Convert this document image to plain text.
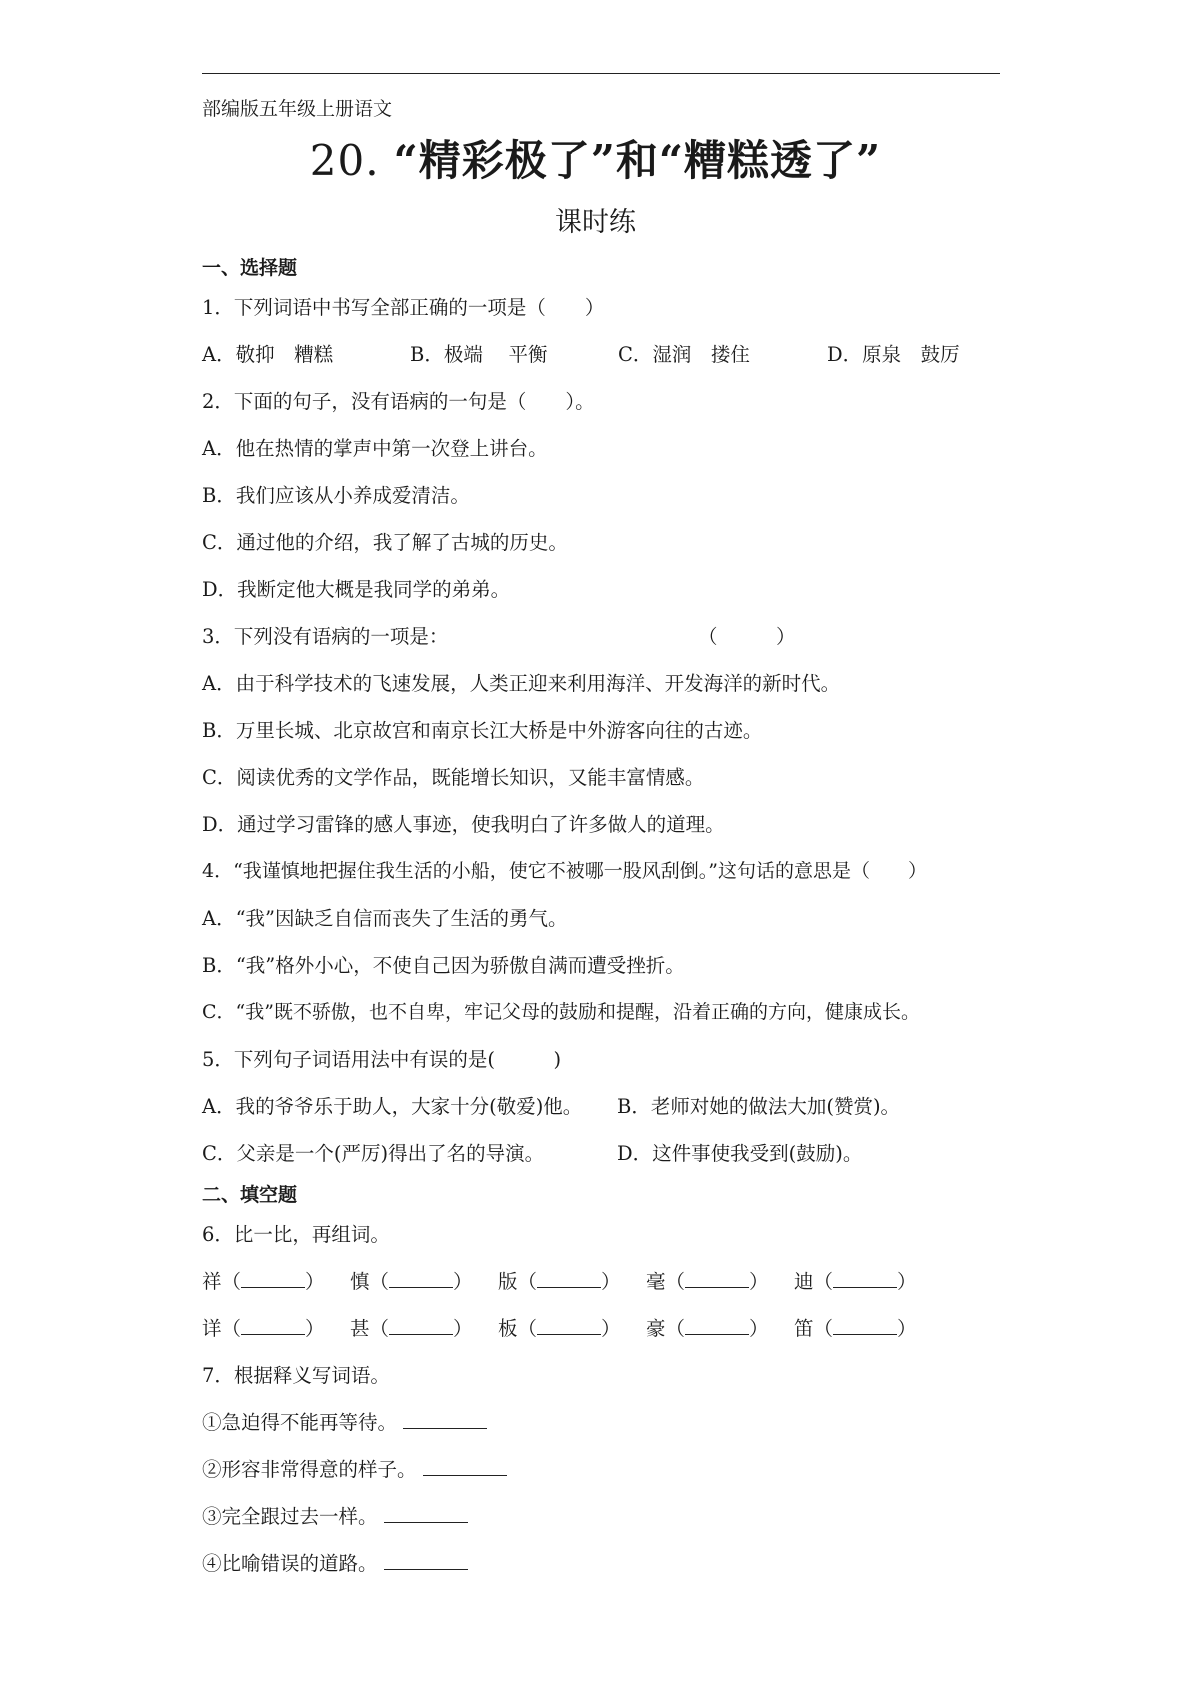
部编版五年级上册语文
20. “精彩极了”和“糟糕透了”
课时练
一、选择题
1．下列词语中书写全部正确的一项是（　　）
A．敬抑　糟糕	B．极端　 平衡	C．湿润　搂住	D．原泉　鼓厉
2．下面的句子，没有语病的一句是（　　）。
A．他在热情的掌声中第一次登上讲台。
B．我们应该从小养成爱清洁。
C．通过他的介绍，我了解了古城的历史。
D．我断定他大概是我同学的弟弟。
3．下列没有语病的一项是：	（　　　）
A．由于科学技术的飞速发展，人类正迎来利用海洋、开发海洋的新时代。
B．万里长城、北京故宫和南京长江大桥是中外游客向往的古迹。
C．阅读优秀的文学作品，既能增长知识，又能丰富情感。
D．通过学习雷锋的感人事迹，使我明白了许多做人的道理。
4．“我谨慎地把握住我生活的小船，使它不被哪一股风刮倒。”这句话的意思是（　　）
A．“我”因缺乏自信而丧失了生活的勇气。
B．“我”格外小心，不使自己因为骄傲自满而遭受挫折。
C．“我”既不骄傲，也不自卑，牢记父母的鼓励和提醒，沿着正确的方向，健康成长。
5．下列句子词语用法中有误的是(　　　)
A．我的爷爷乐于助人，大家十分(敬爱)他。 B．老师对她的做法大加(赞赏)。
C．父亲是一个(严厉)得出了名的导演。	D．这件事使我受到(鼓励)。
二、填空题
6．比一比，再组词。
祥（	） 慎（	） 版（	） 毫（	） 迪（	）
详（	） 甚（	） 板（	） 豪（	） 笛（	）
7．根据释义写词语。
①急迫得不能再等待。
②形容非常得意的样子。
③完全跟过去一样。
④比喻错误的道路。
